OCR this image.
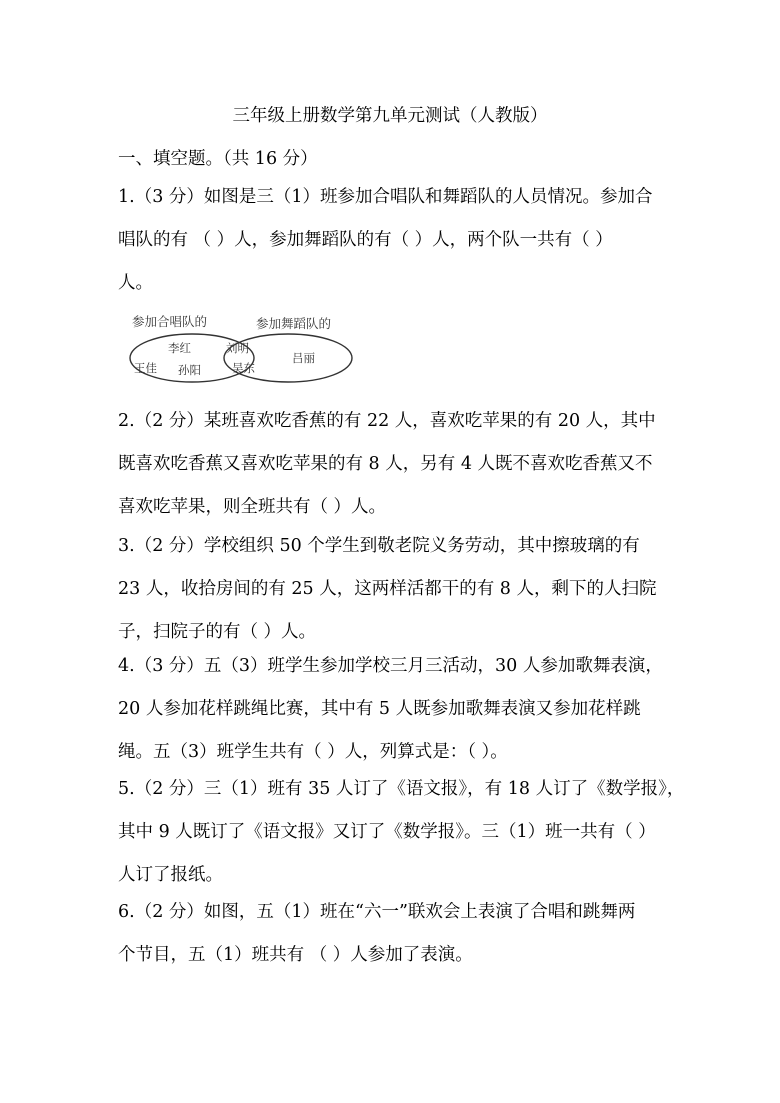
三年级上册数学第九单元测试（人教版）
一、填空题。（共 16 分）
1.（3 分）如图是三（1）班参加合唱队和舞蹈队的人员情况。参加合
唱队的有 （ ）人，参加舞蹈队的有（ ）人，两个队一共有（ ）
人。
参加合唱队的	参加舞蹈队的
李红
王佳 孙阳
刘明
吴东
吕丽
2.（2 分）某班喜欢吃香蕉的有 22 人，喜欢吃苹果的有 20 人，其中
既喜欢吃香蕉又喜欢吃苹果的有 8 人，另有 4 人既不喜欢吃香蕉又不
喜欢吃苹果，则全班共有（ ）人。
3.（2 分）学校组织 50 个学生到敬老院义务劳动，其中擦玻璃的有
23 人，收拾房间的有 25 人，这两样活都干的有 8 人，剩下的人扫院
子，扫院子的有（ ）人。
4.（3 分）五（3）班学生参加学校三月三活动，30 人参加歌舞表演，
20 人参加花样跳绳比赛，其中有 5 人既参加歌舞表演又参加花样跳
绳。五（3）班学生共有（ ）人，列算式是：（ ）。
5.（2 分）三（1）班有 35 人订了《语文报》，有 18 人订了《数学报》，
其中 9 人既订了《语文报》又订了《数学报》。三（1）班一共有（ ）
人订了报纸。
6.（2 分）如图，五（1）班在“六一”联欢会上表演了合唱和跳舞两
个节目，五（1）班共有 （ ）人参加了表演。
